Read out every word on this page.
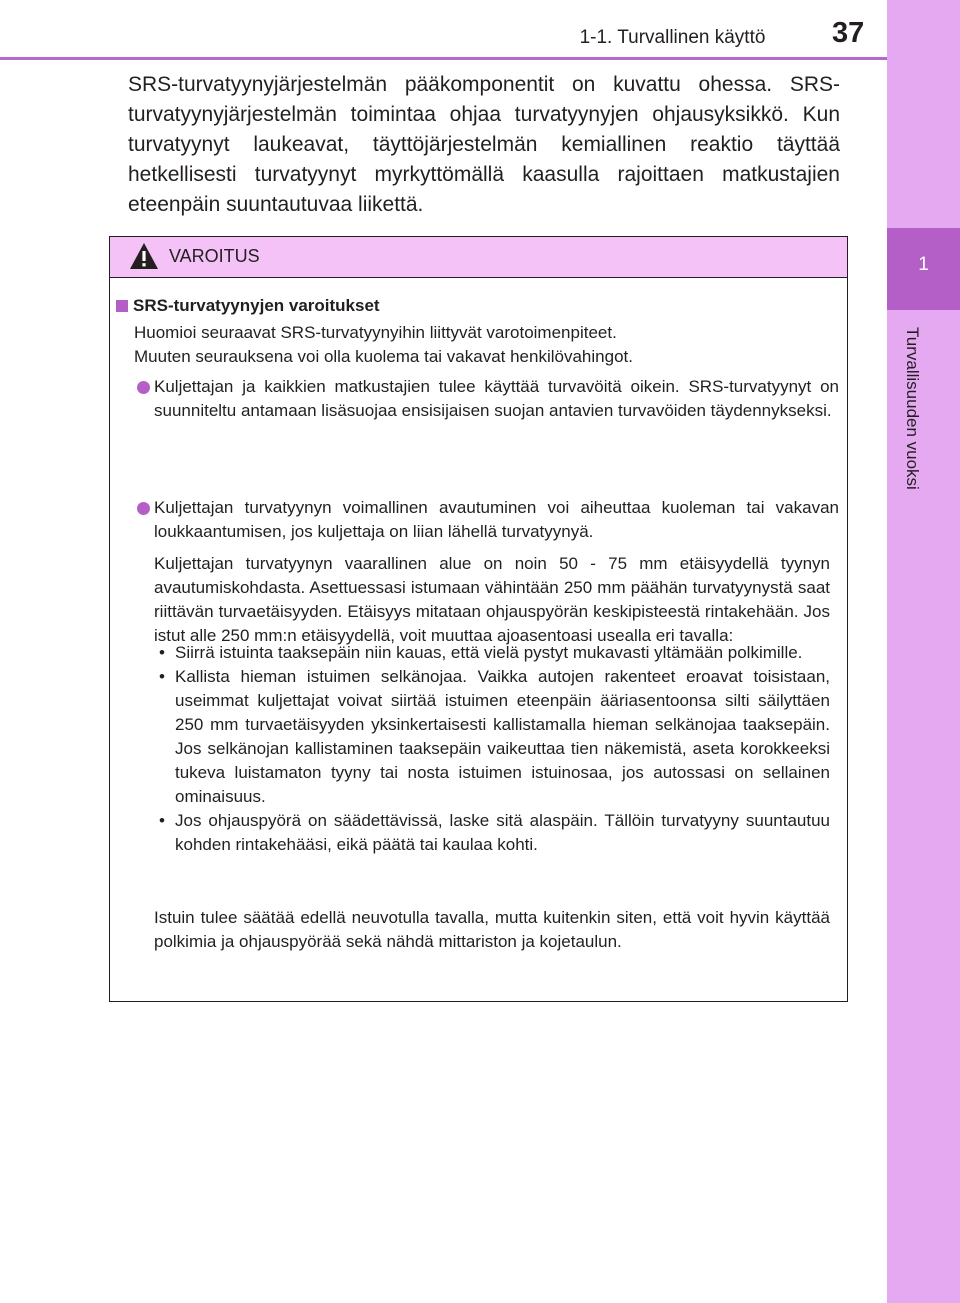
1-1. Turvallinen käyttö	37
1
Turvallisuuden vuoksi

SRS-turvatyynyjärjestelmän pääkomponentit on kuvattu ohessa. SRS-turvatyynyjärjestelmän toimintaa ohjaa turvatyynyjen ohjausyksikkö. Kun turvatyynyt laukeavat, täyttöjärjestelmän kemiallinen reaktio täyttää hetkellisesti turvatyynyt myrkyttömällä kaasulla rajoittaen matkustajien eteenpäin suuntautuvaa liikettä.

VAROITUS
SRS-turvatyynyjen varoitukset

Huomioi seuraavat SRS-turvatyynyihin liittyvät varotoimenpiteet.

Muuten seurauksena voi olla kuolema tai vakavat henkilövahingot.

Kuljettajan ja kaikkien matkustajien tulee käyttää turvavöitä oikein. SRS-turvatyynyt on suunniteltu antamaan lisäsuojaa ensisijaisen suojan antavien turvavöiden täydennykseksi.

Kuljettajan turvatyynyn voimallinen avautuminen voi aiheuttaa kuoleman tai vakavan loukkaantumisen, jos kuljettaja on liian lähellä turvatyynyä.

Kuljettajan turvatyynyn vaarallinen alue on noin 50 - 75 mm etäisyydellä tyynyn avautumiskohdasta. Asettuessasi istumaan vähintään 250 mm päähän turvatyynystä saat riittävän turvaetäisyyden. Etäisyys mitataan ohjauspyörän keskipisteestä rintakehään. Jos istut alle 250 mm:n etäisyydellä, voit muuttaa ajoasentoasi usealla eri tavalla:

• Siirrä istuinta taaksepäin niin kauas, että vielä pystyt mukavasti yltämään polkimille.
• Kallista hieman istuimen selkänojaa. Vaikka autojen rakenteet eroavat toisistaan, useimmat kuljettajat voivat siirtää istuimen eteenpäin ääriasentoonsa silti säilyttäen 250 mm turvaetäisyyden yksinkertaisesti kallistamalla hieman selkänojaa taaksepäin. Jos selkänojan kallistaminen taaksepäin vaikeuttaa tien näkemistä, aseta korokkeeksi tukeva luistamaton tyyny tai nosta istuimen istuinosaa, jos autossasi on sellainen ominaisuus.
• Jos ohjauspyörä on säädettävissä, laske sitä alaspäin. Tällöin turvatyyny suuntautuu kohden rintakehääsi, eikä päätä tai kaulaa kohti.

Istuin tulee säätää edellä neuvotulla tavalla, mutta kuitenkin siten, että voit hyvin käyttää polkimia ja ohjauspyörää sekä nähdä mittariston ja kojetaulun.
